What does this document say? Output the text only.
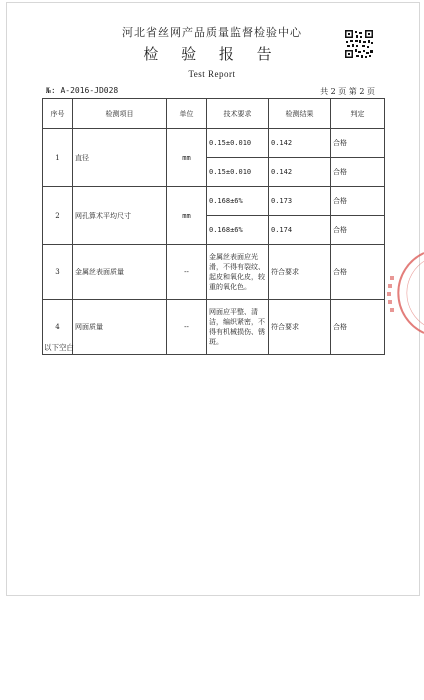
河北省丝网产品质量监督检验中心
检 验 报 告
Test Report
№: A-2016-JD028	共 2 页 第 2 页
序号	检测项目	单位	技术要求	检测结果	判定
1	直径	mm	0.15±0.010	0.142	合格
			0.15±0.010	0.142	合格
2	网孔算术平均尺寸	mm	0.168±6%	0.173	合格
			0.168±6%	0.174	合格
3	金属丝表面质量	--	金属丝表面应光滑，不得有裂纹、起皮和氧化皮，较重的氧化色。	符合要求	合格
4	网面质量	--	网面应平整、清洁，编织紧密，不得有机械损伤、锈斑。	符合要求	合格
以下空白
